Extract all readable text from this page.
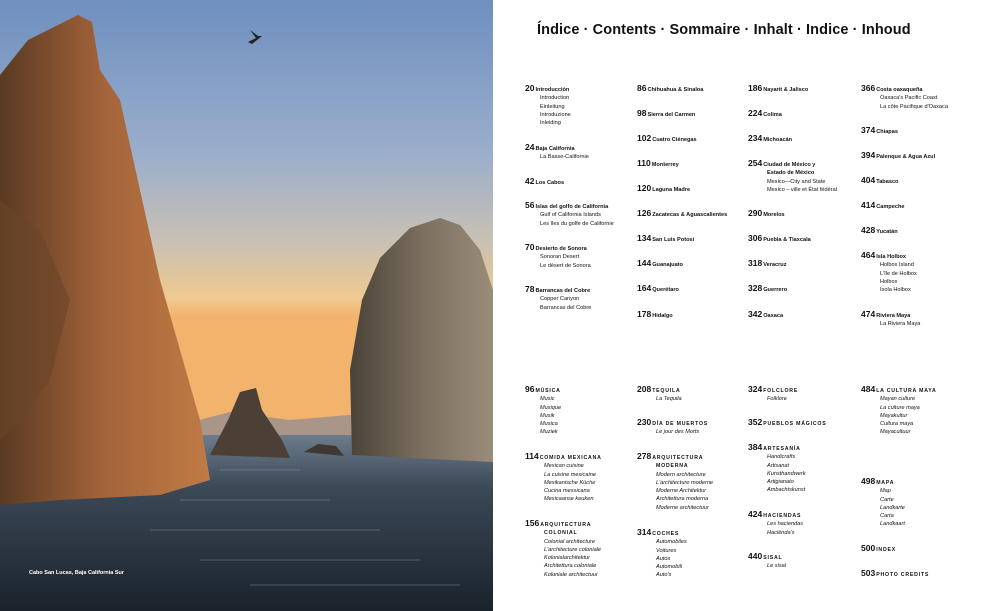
Cabo San Lucas, Baja California Sur
Índice · Contents · Sommaire · Inhalt · Indice · Inhoud
20 Introducción
Introduction
Einleitung
Introduzione
Inleiding
24 Baja California
La Basse-Californie
42 Los Cabos
56 Islas del golfo de California
Gulf of California Islands
Les îles du golfe de Californie
70 Desierto de Sonora
Sonoran Desert
Le désert de Sonora
78 Barrancas del Cobre
Copper Canyon
Barrancas del Cobre
96 MÚSICA
Music
Musique
Musik
Musica
Muziek
114 COMIDA MEXICANA
Mexican cuisine
La cuisine mexicaine
Mexikanische Küche
Cucina messicana
Mexicaanse keuken
156 ARQUITECTURA
COLONIAL
Colonial architecture
L'architecture coloniale
Kolonialarchitektur
Architettura coloniale
Koloniale architectuur
86 Chihuahua & Sinaloa
98 Sierra del Carmen
102 Cuatro Ciénegas
110 Monterrey
120 Laguna Madre
126 Zacatecas & Aguascalientes
134 San Luis Potosí
144 Guanajuato
164 Querétaro
178 Hidalgo
208 TEQUILA
La Tequila
230 DÍA DE MUERTOS
Le jour des Morts
278 ARQUITECTURA
MODERNA
Modern architecture
L'architecture moderne
Moderne Architektur
Architettura moderna
Moderne architectuur
314 COCHES
Automobiles
Voitures
Autos
Automobili
Auto's
186 Nayarit & Jalisco
224 Colima
234 Michoacán
254 Ciudad de México y
Estado de México
Mexico—City and State
Mexico – ville et État fédéral
290 Morelos
306 Puebla & Tlaxcala
318 Veracruz
328 Guerrero
342 Oaxaca
324 FOLCLORE
Folklore
352 PUEBLOS MÁGICOS
384 ARTESANÍA
Handicrafts
Artisanat
Kunsthandwerk
Artigianato
Ambachtskunst
424 HACIENDAS
Les haciendas
Haciënda's
440 SISAL
Le sisal
366 Costa oaxaqueña
Oaxaca's Pacific Coast
La côte Pacifique d'Oaxaca
374 Chiapas
394 Palenque & Agua Azul
404 Tabasco
414 Campeche
428 Yucatán
464 Isla Holbox
Holbox Island
L'île de Holbox
Holbox
Isola Holbox
474 Riviera Maya
La Riviera Maya
484 LA CULTURA MAYA
Mayan culture
La culture maya
Mayakultur
Cultura maya
Mayacultuur
498 MAPA
Map
Carte
Landkarte
Carta
Landkaart
500 INDEX
503 PHOTO CREDITS
